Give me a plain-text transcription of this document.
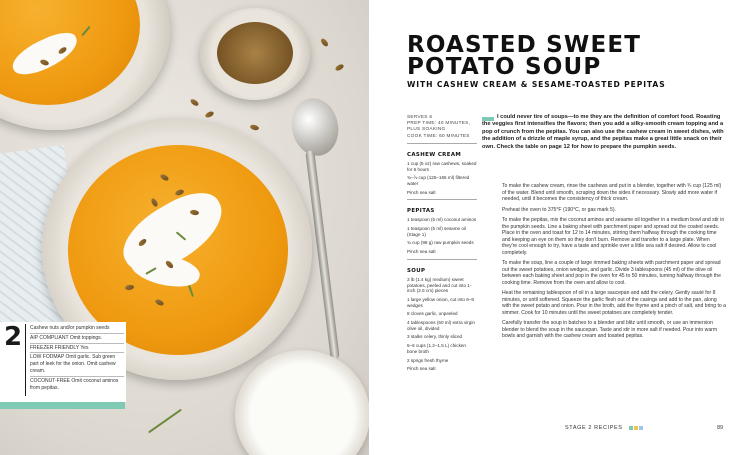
2 Cashew nuts and/or pumpkin seeds
AIP COMPLIANT Omit toppings.
FREEZER FRIENDLY Yes
LOW FODMAP Omit garlic. Sub green part of leek for the onion. Omit cashew cream.
COCONUT-FREE Omit coconut aminos from pepitas.
ROASTED SWEET
POTATO SOUP
WITH CASHEW CREAM & SESAME-TOASTED PEPITAS
SERVES 6
PREP TIME: 40 MINUTES, PLUS SOAKING
COOK TIME: 60 MINUTES
CASHEW CREAM
1 cup (5 oz) raw cashews, soaked for 6 hours
¾–⅞ cup (125–165 ml) filtered water
Pinch sea salt
PEPITAS
1 teaspoon (5 ml) coconut aminos
1 teaspoon (5 ml) sesame oil (Stage 1)
¾ cup (98 g) raw pumpkin seeds
Pinch sea salt
SOUP
3 lb (1.4 kg) medium) sweet potatoes, peeled and cut into 1-inch (2.5 cm) pieces
1 large yellow onion, cut into 6–8 wedges
8 cloves garlic, unpeeled
4 tablespoons (60 ml) extra virgin olive oil, divided
3 stalks celery, thinly sliced
5–6 cups (1.2–1.5 L) chicken bone broth
2 sprigs fresh thyme
Pinch sea salt
I could never tire of soups—to me they are the definition of comfort food. Roasting the veggies first intensifies the flavors; then you add a silky-smooth cream topping and a pop of crunch from the pepitas. You can also use the cashew cream in sweet dishes, with the addition of a drizzle of maple syrup, and the pepitas make a great little snack on their own. Check the table on page 12 for how to prepare the pumpkin seeds.

To make the cashew cream, rinse the cashews and put in a blender, together with ¾ cup (125 ml) of the water. Blend until smooth, scraping down the sides if necessary. Slowly add more water if needed, until it becomes the consistency of thick cream.

Preheat the oven to 375°F (190°C, or gas mark 5).

To make the pepitas, mix the coconut aminos and sesame oil together in a medium bowl and stir in the pumpkin seeds. Line a baking sheet with parchment paper and spread out the coated seeds. Place in the oven and toast for 12 to 14 minutes, stirring them halfway through the cooking time and keeping an eye on them so they don't burn. Remove and transfer to a large plate. When they're cool enough to try, have a taste and sprinkle over a little sea salt if desired. Allow to cool completely.

To make the soup, line a couple of large rimmed baking sheets with parchment paper and spread out the sweet potatoes, onion wedges, and garlic. Divide 3 tablespoons (45 ml) of the olive oil between each baking sheet and pop in the oven for 45 to 50 minutes, turning halfway through the cooking time. Remove from the oven and allow to cool.

Heat the remaining tablespoon of oil in a large saucepan and add the celery. Gently sauté for 8 minutes, or until softened. Squeeze the garlic flesh out of the casings and add to the pan, along with the sweet potato and onion. Pour in the broth, add the thyme and a pinch of salt, and bring to a simmer. Cook for 10 minutes until the sweet potatoes are completely tender.

Carefully transfer the soup in batches to a blender and blitz until smooth, or use an immersion blender to blend the soup in the saucepan. Taste and stir in more salt if needed. Pour into warm bowls and garnish with the cashew cream and toasted pepitas.

STAGE 2 RECIPES	89
